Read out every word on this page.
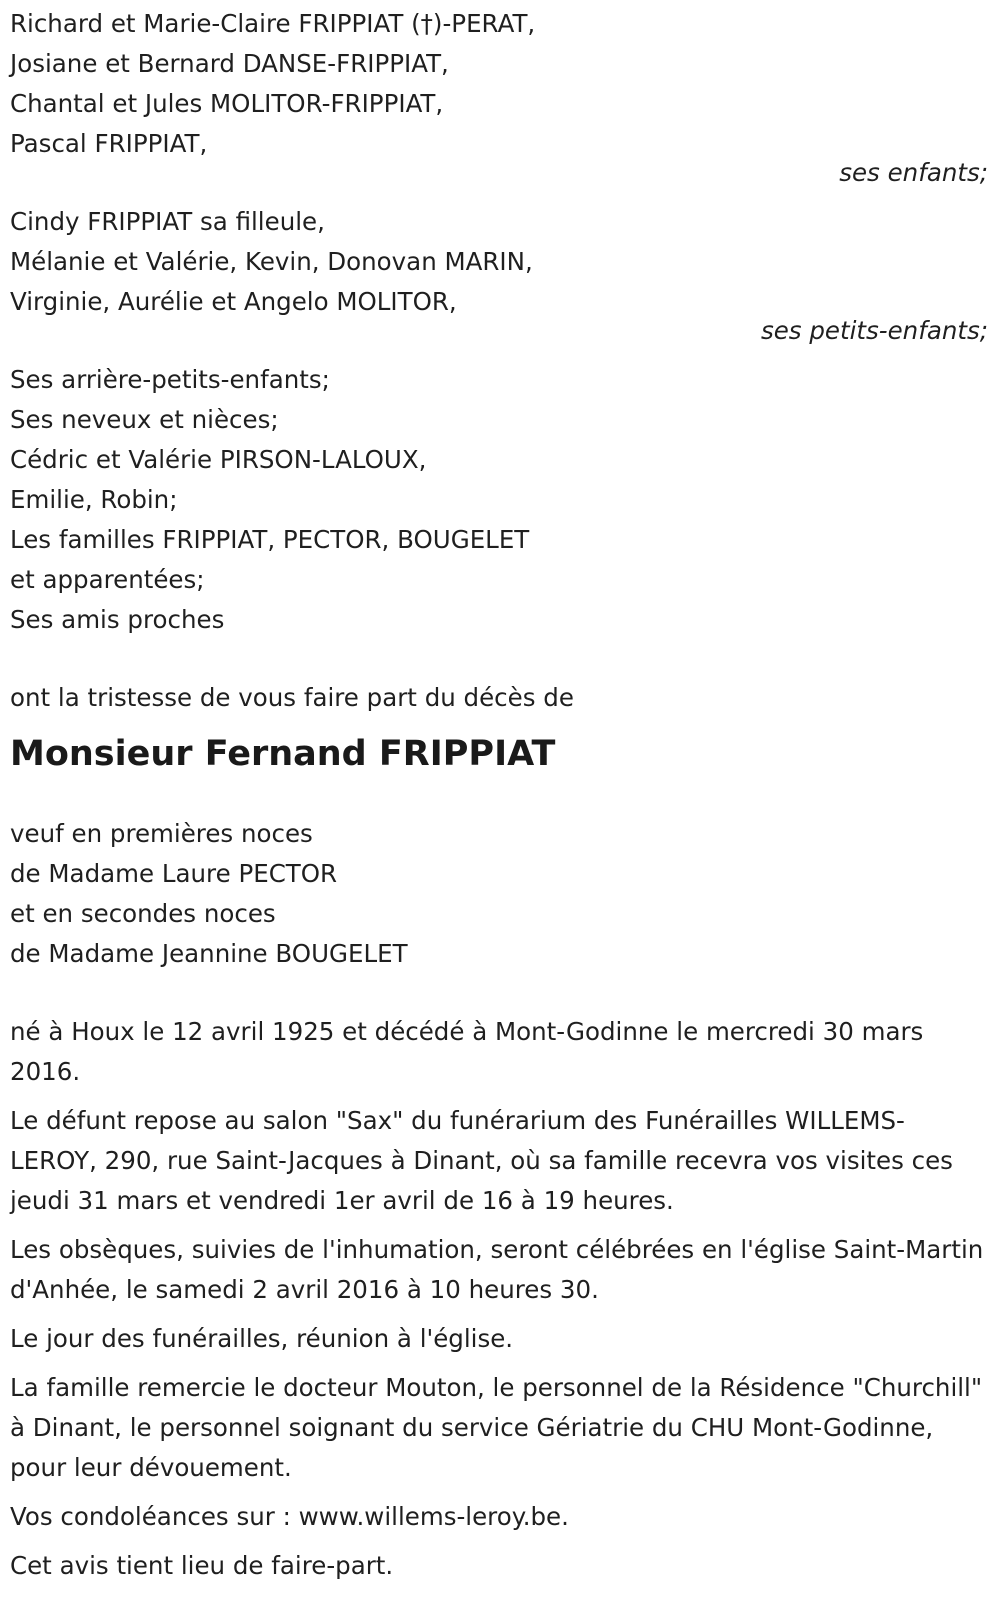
Richard et Marie-Claire FRIPPIAT (†)-PERAT,
Josiane et Bernard DANSE-FRIPPIAT,
Chantal et Jules MOLITOR-FRIPPIAT,
Pascal FRIPPIAT,
ses enfants;
Cindy FRIPPIAT sa filleule,
Mélanie et Valérie, Kevin, Donovan MARIN,
Virginie, Aurélie et Angelo MOLITOR,
ses petits-enfants;
Ses arrière-petits-enfants;
Ses neveux et nièces;
Cédric et Valérie PIRSON-LALOUX,
Emilie, Robin;
Les familles FRIPPIAT, PECTOR, BOUGELET
et apparentées;
Ses amis proches
ont la tristesse de vous faire part du décès de
Monsieur Fernand FRIPPIAT
veuf en premières noces
de Madame Laure PECTOR
et en secondes noces
de Madame Jeannine BOUGELET

né à Houx le 12 avril 1925 et décédé à Mont-Godinne le mercredi 30 mars 2016.

Le défunt repose au salon "Sax" du funérarium des Funérailles WILLEMS-LEROY, 290, rue Saint-Jacques à Dinant, où sa famille recevra vos visites ces jeudi 31 mars et vendredi 1er avril de 16 à 19 heures.

Les obsèques, suivies de l'inhumation, seront célébrées en l'église Saint-Martin d'Anhée, le samedi 2 avril 2016 à 10 heures 30.

Le jour des funérailles, réunion à l'église.

La famille remercie le docteur Mouton, le personnel de la Résidence "Churchill" à Dinant, le personnel soignant du service Gériatrie du CHU Mont-Godinne, pour leur dévouement.

Vos condoléances sur : www.willems-leroy.be.

Cet avis tient lieu de faire-part.
